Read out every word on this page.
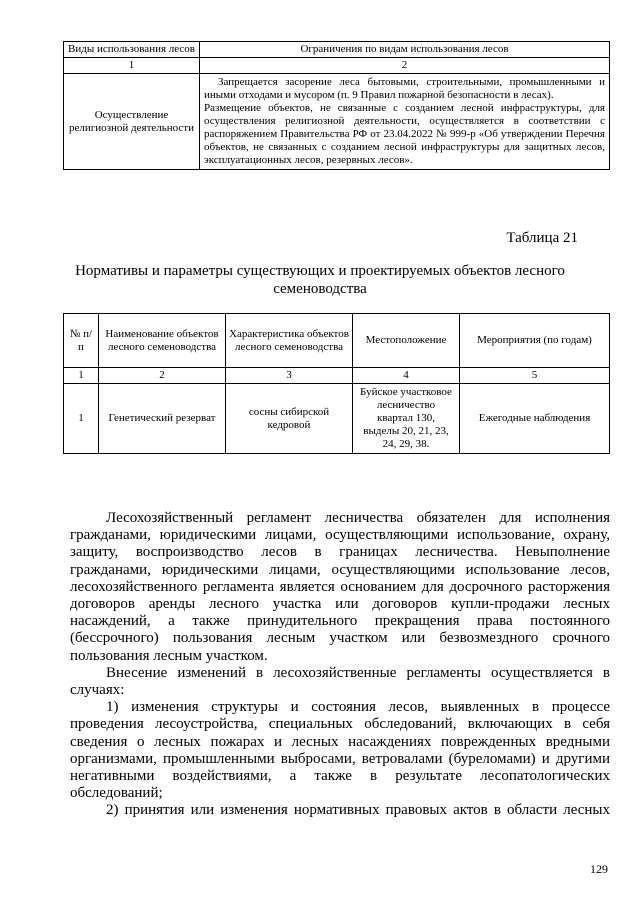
Виды использования лесов	Ограничения по видам использования лесов
1	2
Осуществление религиозной деятельности	Запрещается засорение леса бытовыми, строительными, промышленными и иными отходами и мусором (п. 9 Правил пожарной безопасности в лесах).
Размещение объектов, не связанные с созданием лесной инфраструктуры, для осуществления религиозной деятельности, осуществляется в соответствии с распоряжением Правительства РФ от 23.04.2022 № 999-р «Об утверждении Перечня объектов, не связанных с созданием лесной инфраструктуры для защитных лесов, эксплуатационных лесов, резервных лесов».
Таблица 21
Нормативы и параметры существующих и проектируемых объектов лесного семеноводства
№ п/п	Наименование объектов лесного семеноводства	Характеристика объектов лесного семеноводства	Местоположение	Мероприятия (по годам)
1	2	3	4	5
1	Генетический резерват	сосны сибирской кедровой	Буйское участковое лесничество квартал 130, выделы 20, 21, 23, 24, 29, 38.	Ежегодные наблюдения

Лесохозяйственный регламент лесничества обязателен для исполнения гражданами, юридическими лицами, осуществляющими использование, охрану, защиту, воспроизводство лесов в границах лесничества. Невыполнение гражданами, юридическими лицами, осуществляющими использование лесов, лесохозяйственного регламента является основанием для досрочного расторжения договоров аренды лесного участка или договоров купли-продажи лесных насаждений, а также принудительного прекращения права постоянного (бессрочного) пользования лесным участком или безвозмездного срочного пользования лесным участком.

Внесение изменений в лесохозяйственные регламенты осуществляется в случаях:

1) изменения структуры и состояния лесов, выявленных в процессе проведения лесоустройства, специальных обследований, включающих в себя сведения о лесных пожарах и лесных насаждениях поврежденных вредными организмами, промышленными выбросами, ветровалами (буреломами) и другими негативными воздействиями, а также в результате лесопатологических обследований;

2) принятия или изменения нормативных правовых актов в области лесных

129
